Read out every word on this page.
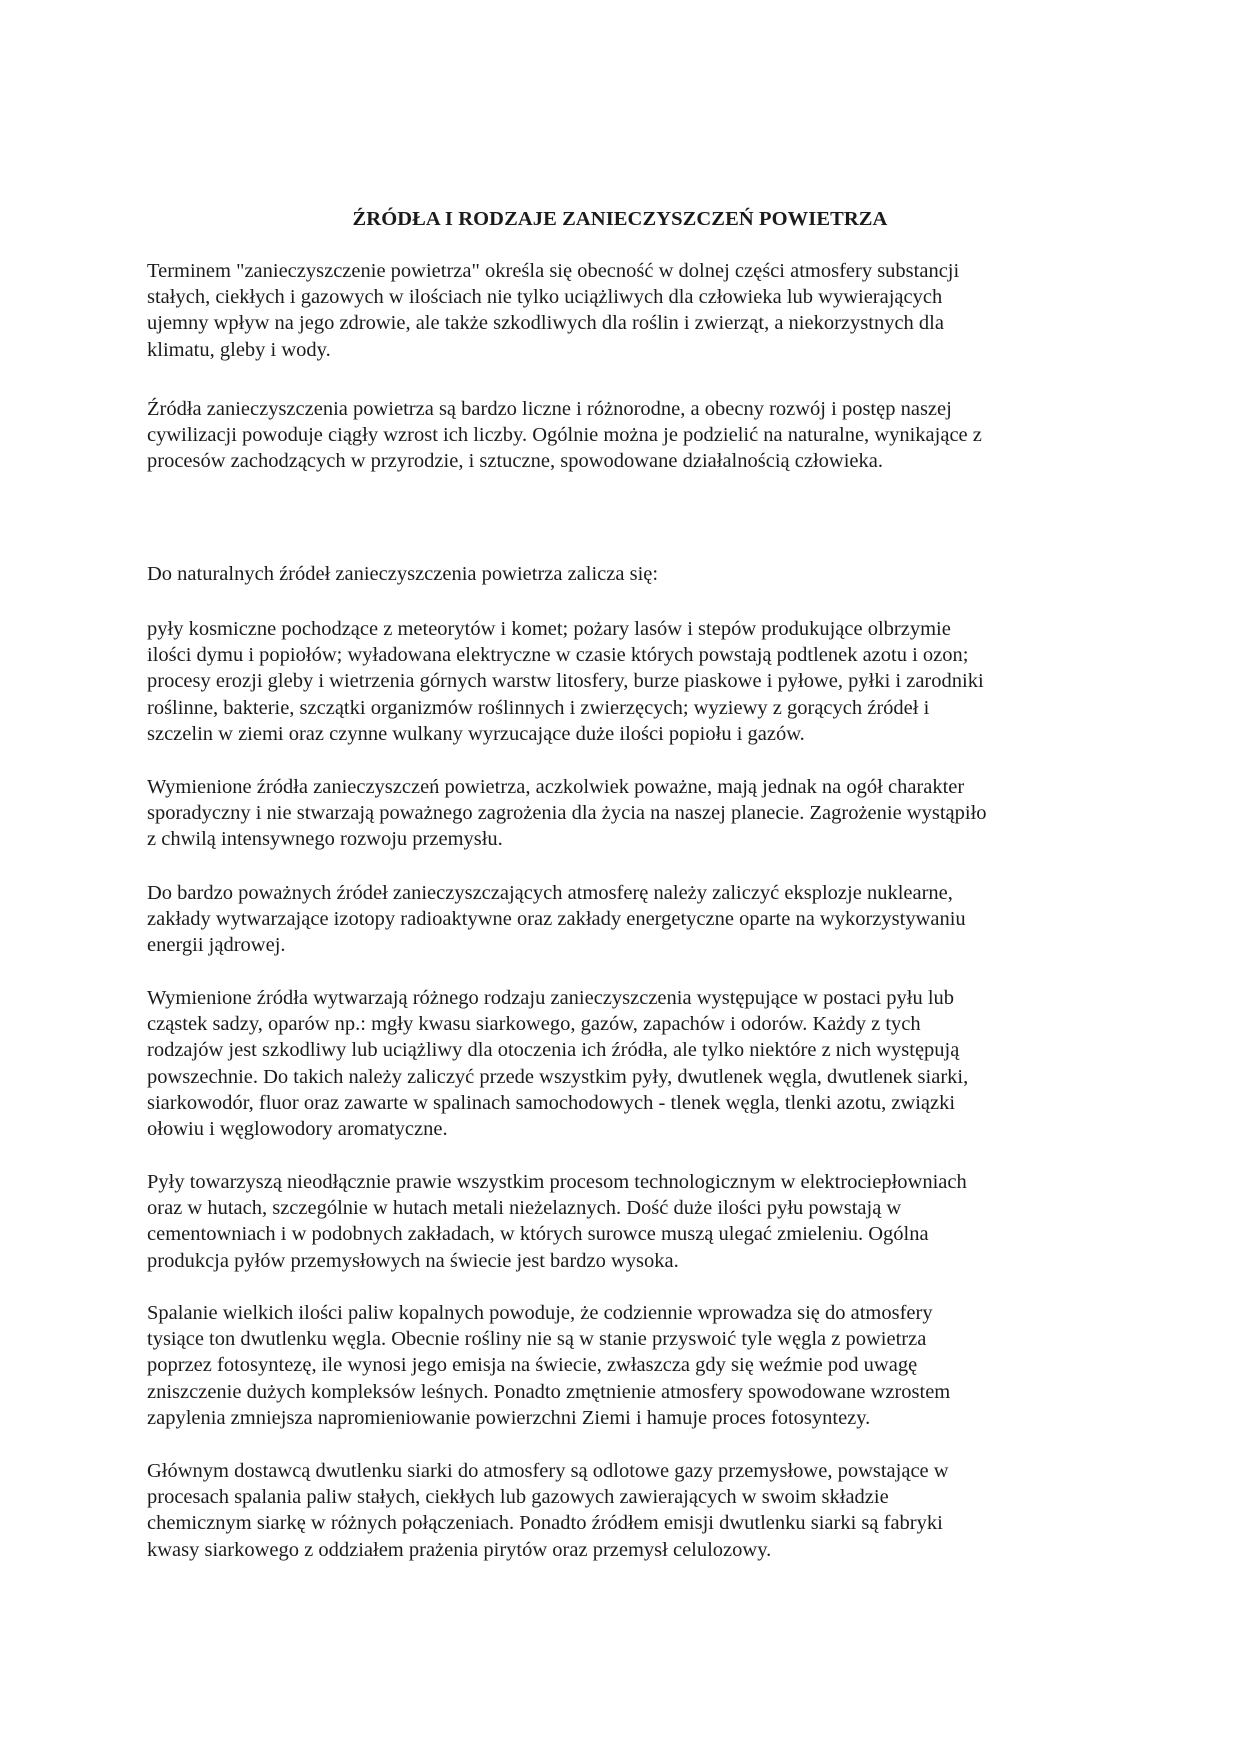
ŹRÓDŁA I RODZAJE ZANIECZYSZCZEŃ POWIETRZA

Terminem "zanieczyszczenie powietrza" określa się obecność w dolnej części atmosfery substancji
stałych, ciekłych i gazowych w ilościach nie tylko uciążliwych dla człowieka lub wywierających
ujemny wpływ na jego zdrowie, ale także szkodliwych dla roślin i zwierząt, a niekorzystnych dla
klimatu, gleby i wody.

Źródła zanieczyszczenia powietrza są bardzo liczne i różnorodne, a obecny rozwój i postęp naszej
cywilizacji powoduje ciągły wzrost ich liczby. Ogólnie można je podzielić na naturalne, wynikające z
procesów zachodzących w przyrodzie, i sztuczne, spowodowane działalnością człowieka.

Do naturalnych źródeł zanieczyszczenia powietrza zalicza się:

pyły kosmiczne pochodzące z meteorytów i komet; pożary lasów i stepów produkujące olbrzymie
ilości dymu i popiołów; wyładowana elektryczne w czasie których powstają podtlenek azotu i ozon;
procesy erozji gleby i wietrzenia górnych warstw litosfery, burze piaskowe i pyłowe, pyłki i zarodniki
roślinne, bakterie, szczątki organizmów roślinnych i zwierzęcych; wyziewy z gorących źródeł i
szczelin w ziemi oraz czynne wulkany wyrzucające duże ilości popiołu i gazów.

Wymienione źródła zanieczyszczeń powietrza, aczkolwiek poważne, mają jednak na ogół charakter
sporadyczny i nie stwarzają poważnego zagrożenia dla życia na naszej planecie. Zagrożenie wystąpiło
z chwilą intensywnego rozwoju przemysłu.

Do bardzo poważnych źródeł zanieczyszczających atmosferę należy zaliczyć eksplozje nuklearne,
zakłady wytwarzające izotopy radioaktywne oraz zakłady energetyczne oparte na wykorzystywaniu
energii jądrowej.

Wymienione źródła wytwarzają różnego rodzaju zanieczyszczenia występujące w postaci pyłu lub
cząstek sadzy, oparów np.: mgły kwasu siarkowego, gazów, zapachów i odorów. Każdy z tych
rodzajów jest szkodliwy lub uciążliwy dla otoczenia ich źródła, ale tylko niektóre z nich występują
powszechnie. Do takich należy zaliczyć przede wszystkim pyły, dwutlenek węgla, dwutlenek siarki,
siarkowodór, fluor oraz zawarte w spalinach samochodowych - tlenek węgla, tlenki azotu, związki
ołowiu i węglowodory aromatyczne.

Pyły towarzyszą nieodłącznie prawie wszystkim procesom technologicznym w elektrociepłowniach
oraz w hutach, szczególnie w hutach metali nieżelaznych. Dość duże ilości pyłu powstają w
cementowniach i w podobnych zakładach, w których surowce muszą ulegać zmieleniu. Ogólna
produkcja pyłów przemysłowych na świecie jest bardzo wysoka.

Spalanie wielkich ilości paliw kopalnych powoduje, że codziennie wprowadza się do atmosfery
tysiące ton dwutlenku węgla. Obecnie rośliny nie są w stanie przyswoić tyle węgla z powietrza
poprzez fotosyntezę, ile wynosi jego emisja na świecie, zwłaszcza gdy się weźmie pod uwagę
zniszczenie dużych kompleksów leśnych. Ponadto zmętnienie atmosfery spowodowane wzrostem
zapylenia zmniejsza napromieniowanie powierzchni Ziemi i hamuje proces fotosyntezy.

Głównym dostawcą dwutlenku siarki do atmosfery są odlotowe gazy przemysłowe, powstające w
procesach spalania paliw stałych, ciekłych lub gazowych zawierających w swoim składzie
chemicznym siarkę w różnych połączeniach. Ponadto źródłem emisji dwutlenku siarki są fabryki
kwasy siarkowego z oddziałem prażenia pirytów oraz przemysł celulozowy.
